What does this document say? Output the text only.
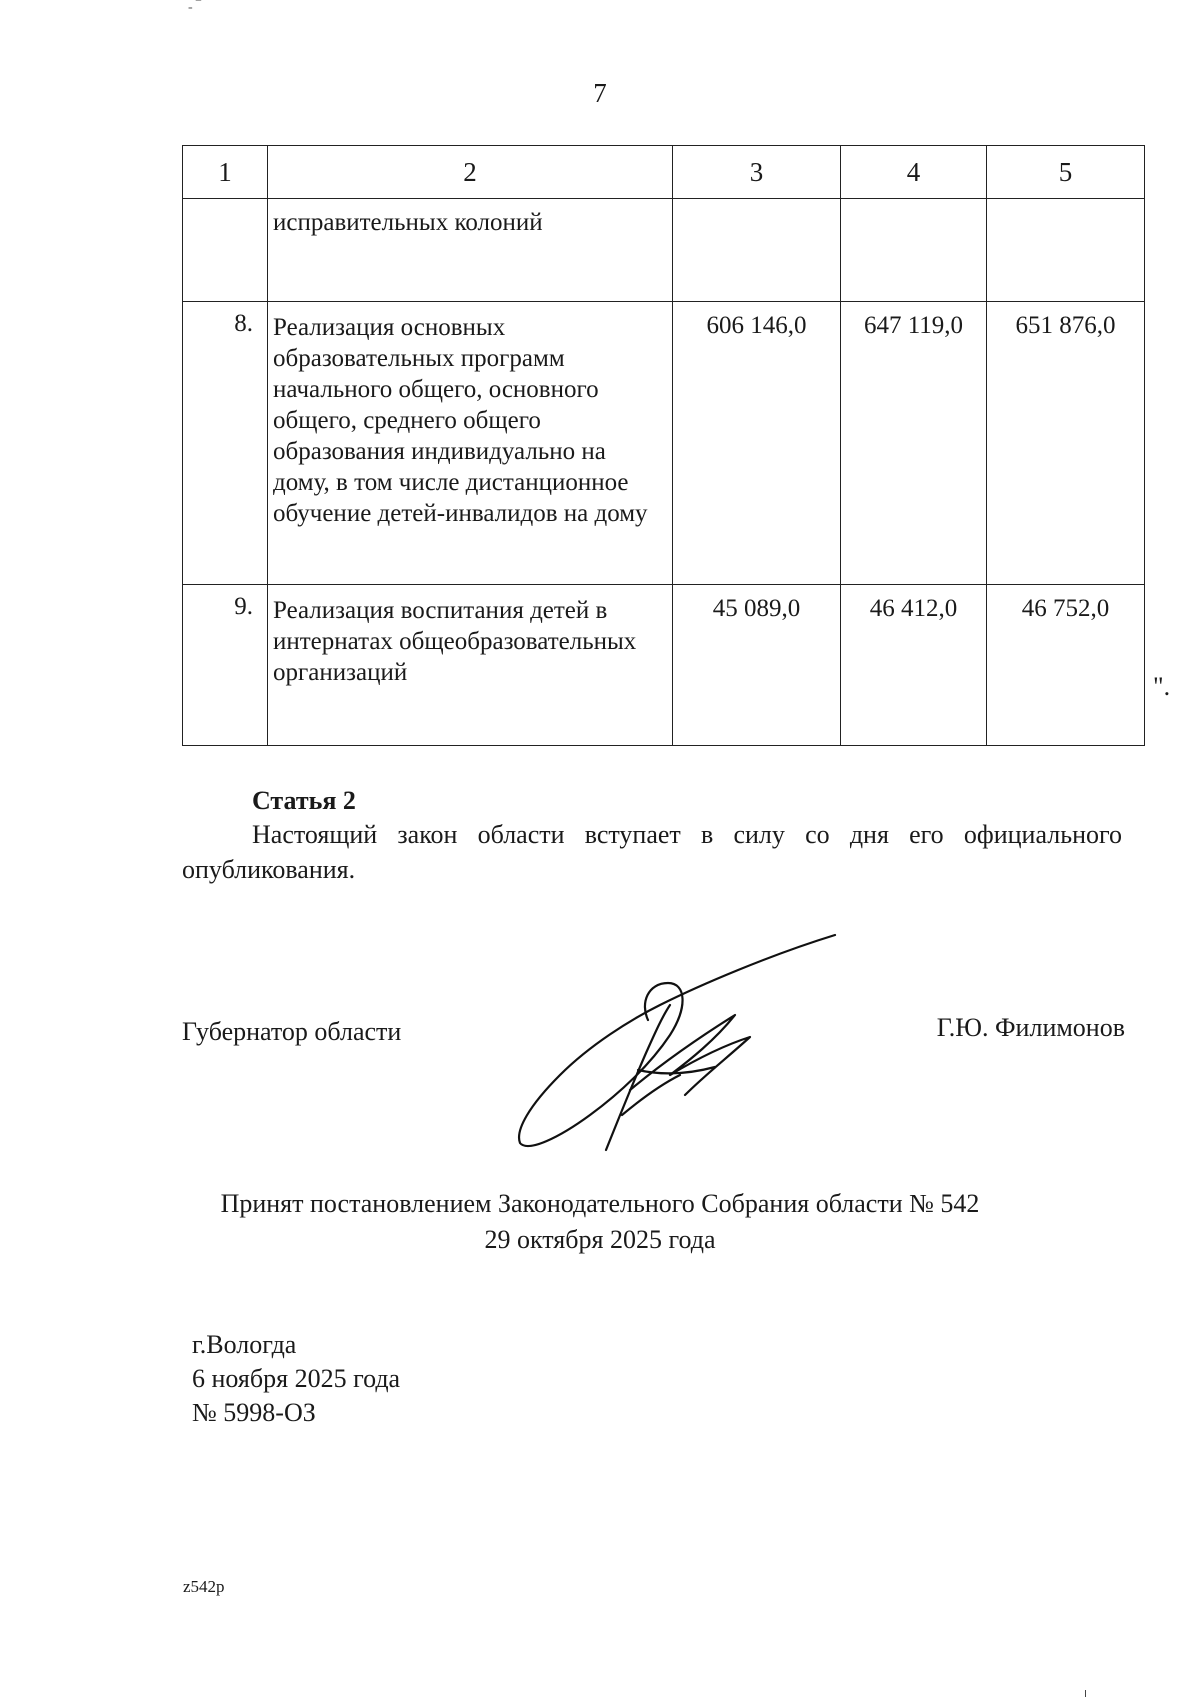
- ‾
7
1	2	3	4	5
	исправительных колоний			
8.	Реализация основных образовательных программ начального общего, основного общего, среднего общего образования индивидуально на дому, в том числе дистанционное обучение детей-инвалидов на дому	606 146,0	647 119,0	651 876,0
9.	Реализация воспитания детей в интернатах общеобразовательных организаций	45 089,0	46 412,0	46 752,0
".
Статья 2
Настоящий закон области вступает в силу со дня его официального опубликования.
Губернатор области	Г.Ю. Филимонов
Принят постановлением Законодательного Собрания области № 542
29 октября 2025 года
г.Вологда
6 ноября 2025 года
№ 5998-ОЗ
z542p
